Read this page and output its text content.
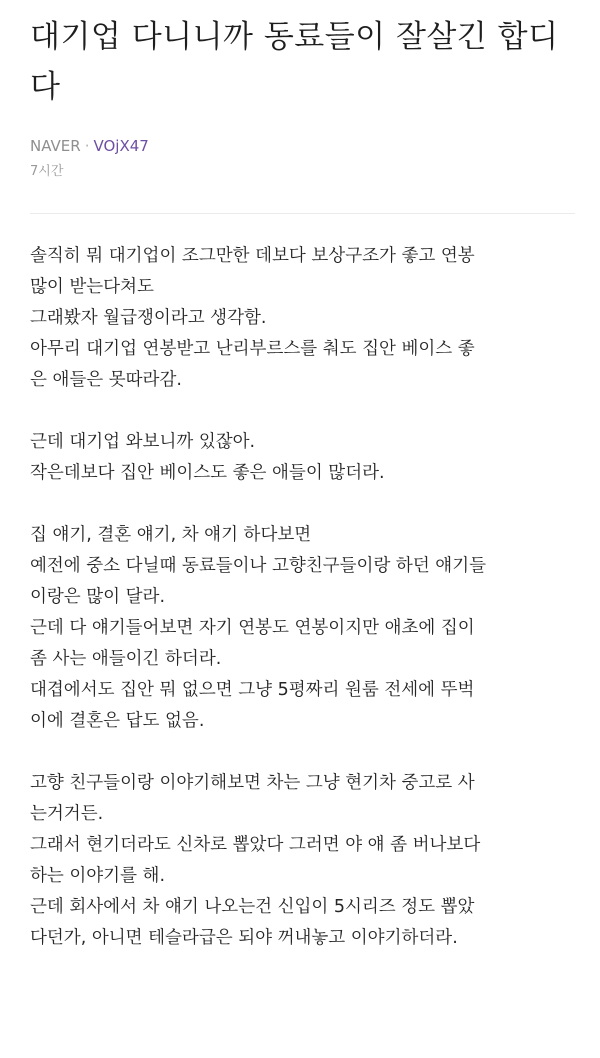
대기업 다니니까 동료들이 잘살긴 합디
다
NAVER · VOjX47
7시간
솔직히 뭐 대기업이 조그만한 데보다 보상구조가 좋고 연봉
많이 받는다쳐도
그래봤자 월급쟁이라고 생각함.
아무리 대기업 연봉받고 난리부르스를 춰도 집안 베이스 좋
은 애들은 못따라감.
근데 대기업 와보니까 있잖아.
작은데보다 집안 베이스도 좋은 애들이 많더라.
집 얘기, 결혼 얘기, 차 얘기 하다보면
예전에 중소 다닐때 동료들이나 고향친구들이랑 하던 얘기들
이랑은 많이 달라.
근데 다 얘기들어보면 자기 연봉도 연봉이지만 애초에 집이
좀 사는 애들이긴 하더라.
대겹에서도 집안 뭐 없으면 그냥 5평짜리 원룸 전세에 뚜벅
이에 결혼은 답도 없음.
고향 친구들이랑 이야기해보면 차는 그냥 현기차 중고로 사
는거거든.
그래서 현기더라도 신차로 뽑았다 그러면 야 얘 좀 버나보다
하는 이야기를 해.
근데 회사에서 차 얘기 나오는건 신입이 5시리즈 정도 뽑았
다던가, 아니면 테슬라급은 되야 꺼내놓고 이야기하더라.
